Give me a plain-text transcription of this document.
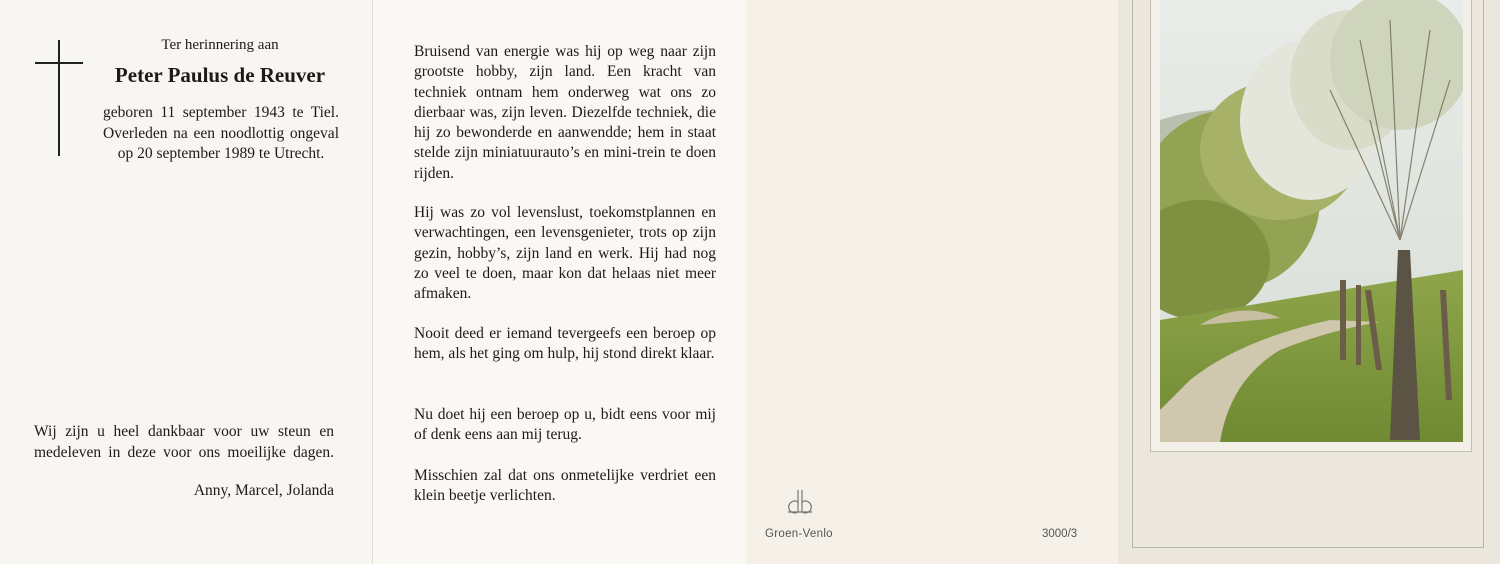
Ter herinnering aan
Peter Paulus de Reuver
geboren 11 september 1943 te Tiel. Overleden na een noodlottig ongeval op 20 september 1989 te Utrecht.
Wij zijn u heel dankbaar voor uw steun en medeleven in deze voor ons moeilijke dagen.
Anny, Marcel, Jolanda
Bruisend van energie was hij op weg naar zijn grootste hobby, zijn land. Een kracht van techniek ontnam hem onderweg wat ons zo dierbaar was, zijn leven. Diezelfde techniek, die hij zo bewonderde en aanwendde; hem in staat stelde zijn miniatuurauto’s en mini-trein te doen rijden.
Hij was zo vol levenslust, toekomstplannen en verwachtingen, een levensgenieter, trots op zijn gezin, hobby’s, zijn land en werk. Hij had nog zo veel te doen, maar kon dat helaas niet meer afmaken.
Nooit deed er iemand tevergeefs een beroep op hem, als het ging om hulp, hij stond direkt klaar.
Nu doet hij een beroep op u, bidt eens voor mij of denk eens aan mij terug.
Misschien zal dat ons onmetelijke verdriet een klein beetje verlichten.
Groen-Venlo	3000/3
